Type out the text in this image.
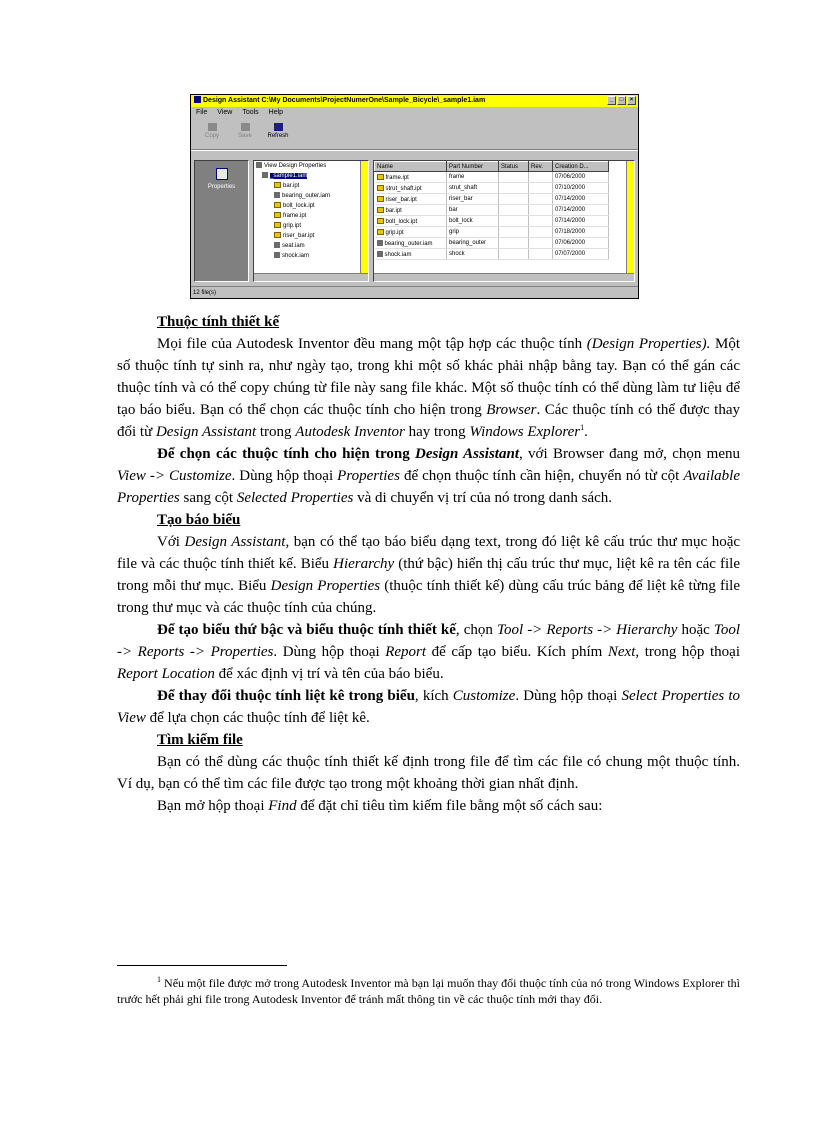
Design Assistant C:\My Documents\ProjectNumerOne\Sample_Bicycle\_sample1.iam	_	□	×
File View Tools Help
Copy	Save	Refresh
Properties
View Design Properties
_sample1.iam
bar.ipt
bearing_outer.iam
bolt_lock.ipt
frame.ipt
grip.ipt
riser_bar.ipt
seat.iam
shock.iam
Name	Part Number	Status	Rev.	Creation D...
frame.ipt	frame			07/06/2000
strut_shaft.ipt	strut_shaft			07/10/2000
riser_bar.ipt	riser_bar			07/14/2000
bar.ipt	bar			07/14/2000
bolt_lock.ipt	bolt_lock			07/14/2000
grip.ipt	grip			07/18/2000
bearing_outer.iam	bearing_outer			07/06/2000
shock.iam	shock			07/07/2000
12 file(s)
Thuộc tính thiết kế

Mọi file của Autodesk Inventor đều mang một tập hợp các thuộc tính (Design Properties). Một số thuộc tính tự sinh ra, như ngày tạo, trong khi một số khác phải nhập bằng tay. Bạn có thể gán các thuộc tính và có thể copy chúng từ file này sang file khác. Một số thuộc tính có thể dùng làm tư liệu để tạo báo biểu. Bạn có thể chọn các thuộc tính cho hiện trong Browser. Các thuộc tính có thể được thay đổi từ Design Assistant trong Autodesk Inventor hay trong Windows Explorer$^1$.

Để chọn các thuộc tính cho hiện trong Design Assistant, với Browser đang mở, chọn menu View -> Customize. Dùng hộp thoại Properties để chọn thuộc tính cần hiện, chuyển nó từ cột Available Properties sang cột Selected Properties và di chuyển vị trí của nó trong danh sách.

Tạo báo biểu

Với Design Assistant, bạn có thể tạo báo biểu dạng text, trong đó liệt kê cấu trúc thư mục hoặc file và các thuộc tính thiết kế. Biểu Hierarchy (thứ bậc) hiển thị cấu trúc thư mục, liệt kê ra tên các file trong mỗi thư mục. Biểu Design Properties (thuộc tính thiết kế) dùng cấu trúc bảng để liệt kê từng file trong thư mục và các thuộc tính của chúng.

Để tạo biểu thứ bậc và biểu thuộc tính thiết kế, chọn Tool -> Reports -> Hierarchy hoặc Tool -> Reports -> Properties. Dùng hộp thoại Report để cấp tạo biểu. Kích phím Next, trong hộp thoại Report Location để xác định vị trí và tên của báo biểu.

Để thay đổi thuộc tính liệt kê trong biểu, kích Customize. Dùng hộp thoại Select Properties to View để lựa chọn các thuộc tính để liệt kê.

Tìm kiếm file

Bạn có thể dùng các thuộc tính thiết kế định trong file để tìm các file có chung một thuộc tính. Ví dụ, bạn có thể tìm các file được tạo trong một khoảng thời gian nhất định.

Bạn mở hộp thoại Find để đặt chỉ tiêu tìm kiếm file bằng một số cách sau:

$^1$ Nếu một file được mở trong Autodesk Inventor mà bạn lại muốn thay đổi thuộc tính của nó trong Windows Explorer thì trước hết phải ghi file trong Autodesk Inventor để tránh mất thông tin về các thuộc tính mới thay đổi.
